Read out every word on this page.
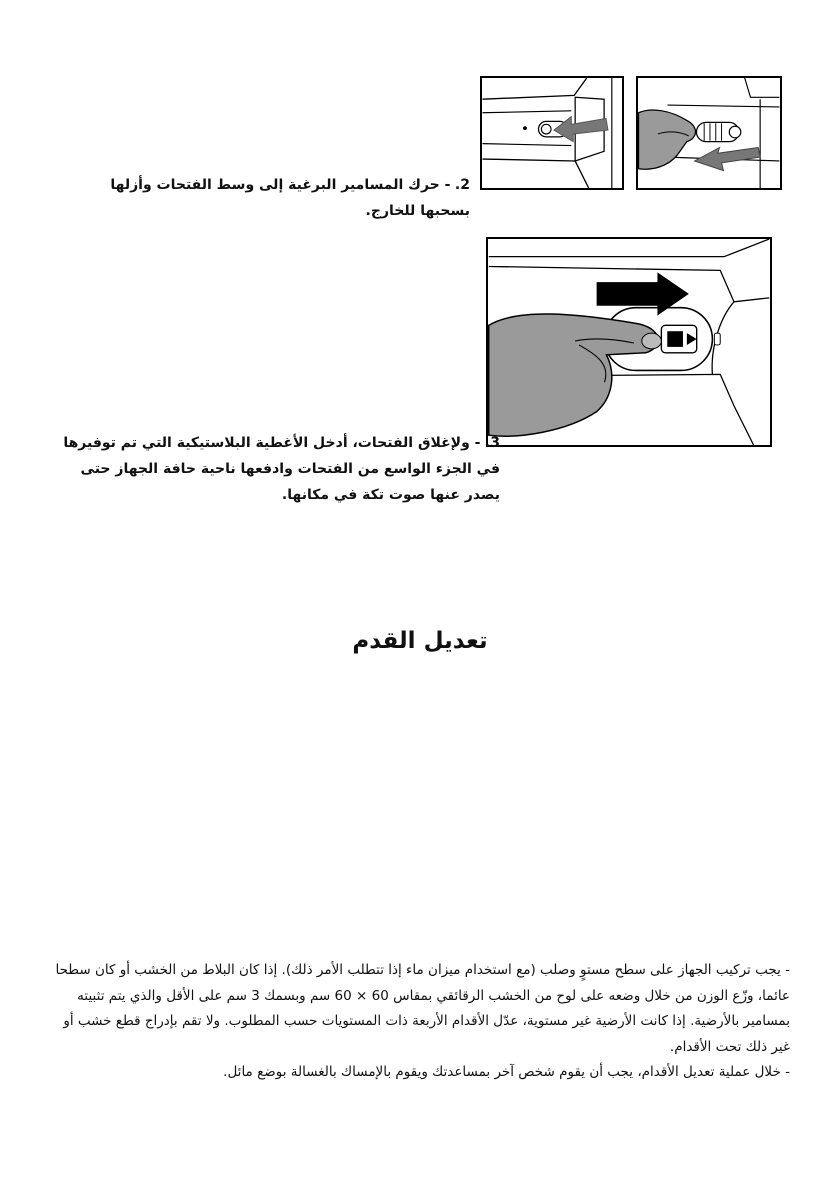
2. - حرك المسامير البرغية إلى وسط الفتحات وأزلها بسحبها للخارج.
3. - ولإغلاق الفتحات، أدخل الأغطية البلاستيكية التي تم توفيرها في الجزء الواسع من الفتحات وادفعها ناحية حافة الجهاز حتى يصدر عنها صوت تكة في مكانها.
تعديل القدم
- يجب تركيب الجهاز على سطح مستوٍ وصلب (مع استخدام ميزان ماء إذا تتطلب الأمر ذلك). إذا كان البلاط من الخشب أو كان سطحا عائما، وزّع الوزن من خلال وضعه على لوح من الخشب الرقائقي بمقاس 60 × 60 سم وبسمك 3 سم على الأقل والذي يتم تثبيته بمسامير بالأرضية. إذا كانت الأرضية غير مستوية، عدّل الأقدام الأربعة ذات المستويات حسب المطلوب. ولا تقم بإدراج قطع خشب أو غير ذلك تحت الأقدام.
- خلال عملية تعديل الأقدام، يجب أن يقوم شخص آخر بمساعدتك ويقوم بالإمساك بالغسالة بوضع مائل.
